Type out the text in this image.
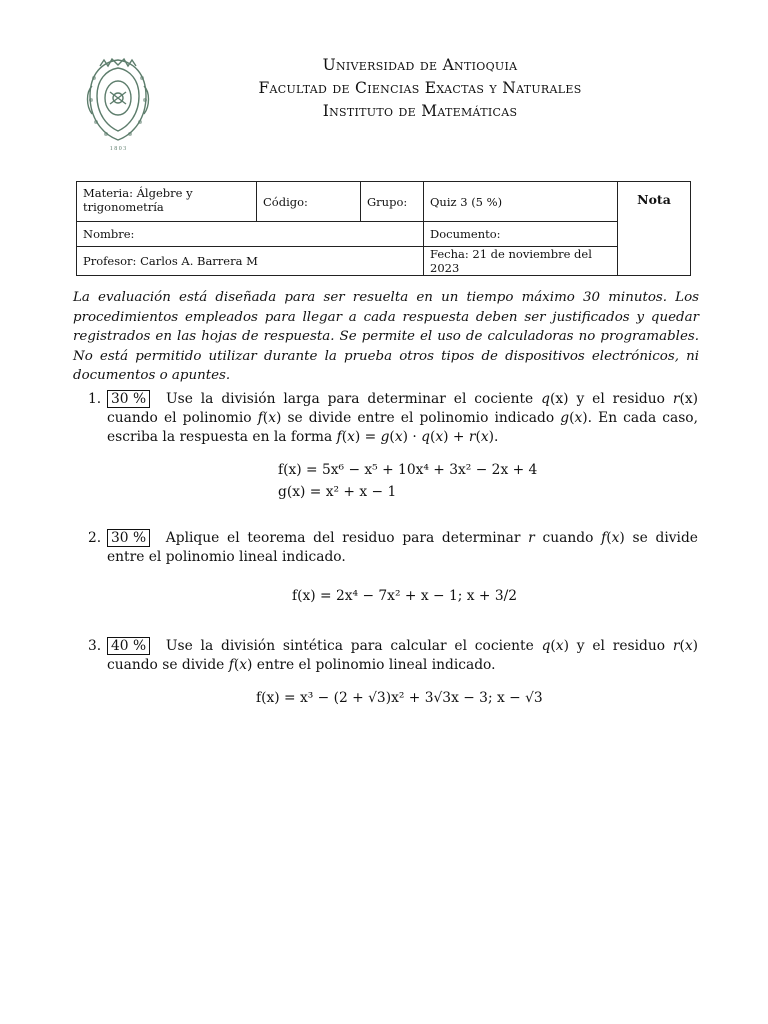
1 8 0 3
Universidad de Antioquia
Facultad de Ciencias Exactas y Naturales
Instituto de Matemáticas
Materia: Álgebre y trigonometría	Código:	Grupo:	Quiz 3 (5 %)	Nota
Nombre:			Documento:	
Profesor: Carlos A. Barrera M			Fecha: 21 de noviembre del 2023	
La evaluación está diseñada para ser resuelta en un tiempo máximo 30 minutos. Los procedimientos empleados para llegar a cada respuesta deben ser justificados y quedar registrados en las hojas de respuesta. Se permite el uso de calculadoras no programables. No está permitido utilizar durante la prueba otros tipos de dispositivos electrónicos, ni documentos o apuntes.
1. 30 % Use la división larga para determinar el cociente q(x) y el residuo r(x) cuando el polinomio f(x) se divide entre el polinomio indicado g(x). En cada caso, escriba la respuesta en la forma f(x) = g(x) · q(x) + r(x).
f(x) = 5x⁶ − x⁵ + 10x⁴ + 3x² − 2x + 4
g(x) = x² + x − 1
2. 30 % Aplique el teorema del residuo para determinar r cuando f(x) se divide entre el polinomio lineal indicado.
f(x) = 2x⁴ − 7x² + x − 1; x + 3/2
3. 40 % Use la división sintética para calcular el cociente q(x) y el residuo r(x) cuando se divide f(x) entre el polinomio lineal indicado.
f(x) = x³ − (2 + √3)x² + 3√3x − 3; x − √3
